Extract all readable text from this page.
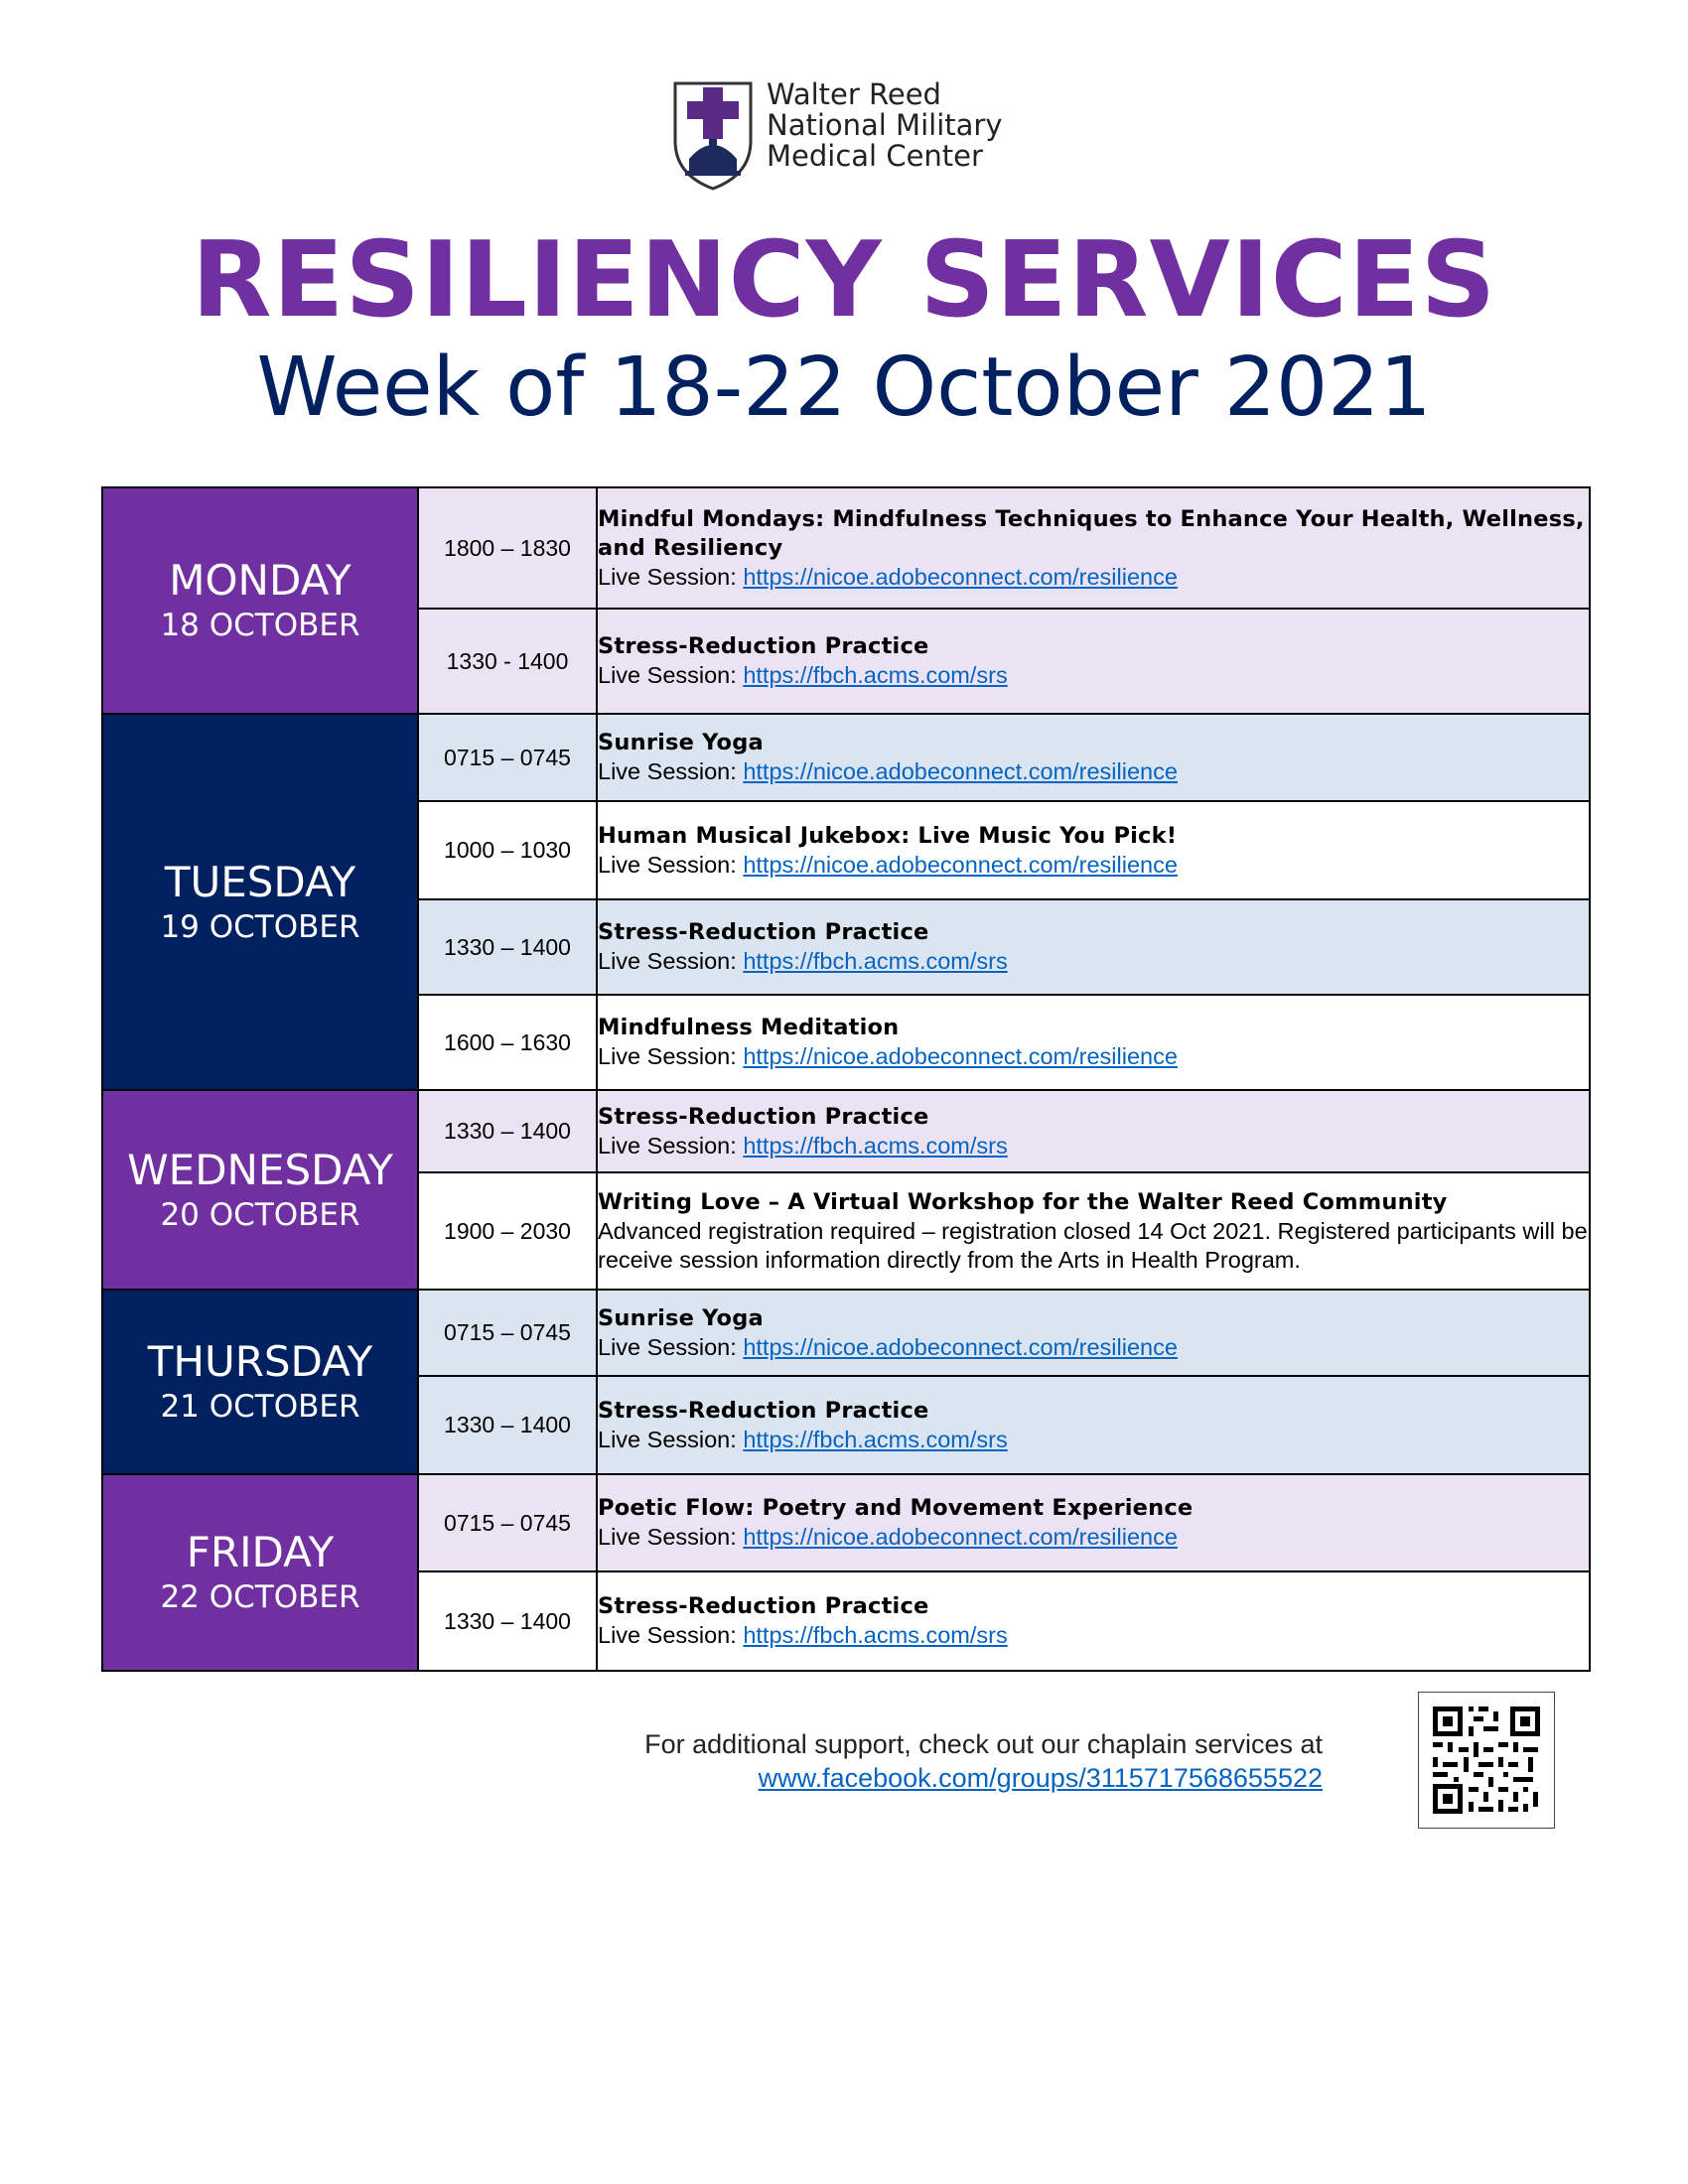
Walter Reed
National Military
Medical Center
RESILIENCY SERVICES
Week of 18-22 October 2021
MONDAY
18 OCTOBER	1800 – 1830	Mindful Mondays: Mindfulness Techniques to Enhance Your Health, Wellness, and Resiliency
Live Session: https://nicoe.adobeconnect.com/resilience
	1330 - 1400	Stress-Reduction Practice
Live Session: https://fbch.acms.com/srs

TUESDAY
19 OCTOBER	0715 – 0745	Sunrise Yoga
Live Session: https://nicoe.adobeconnect.com/resilience
	1000 – 1030	Human Musical Jukebox: Live Music You Pick!
Live Session: https://nicoe.adobeconnect.com/resilience
	1330 – 1400	Stress-Reduction Practice
Live Session: https://fbch.acms.com/srs
	1600 – 1630	Mindfulness Meditation
Live Session: https://nicoe.adobeconnect.com/resilience

WEDNESDAY
20 OCTOBER	1330 – 1400	Stress-Reduction Practice
Live Session: https://fbch.acms.com/srs
	1900 – 2030	Writing Love – A Virtual Workshop for the Walter Reed Community
Advanced registration required – registration closed 14 Oct 2021. Registered participants will be receive session information directly from the Arts in Health Program.

THURSDAY
21 OCTOBER	0715 – 0745	Sunrise Yoga
Live Session: https://nicoe.adobeconnect.com/resilience
	1330 – 1400	Stress-Reduction Practice
Live Session: https://fbch.acms.com/srs

FRIDAY
22 OCTOBER	0715 – 0745	Poetic Flow: Poetry and Movement Experience
Live Session: https://nicoe.adobeconnect.com/resilience
	1330 – 1400	Stress-Reduction Practice
Live Session: https://fbch.acms.com/srs
For additional support, check out our chaplain services at
www.facebook.com/groups/3115717568655522
